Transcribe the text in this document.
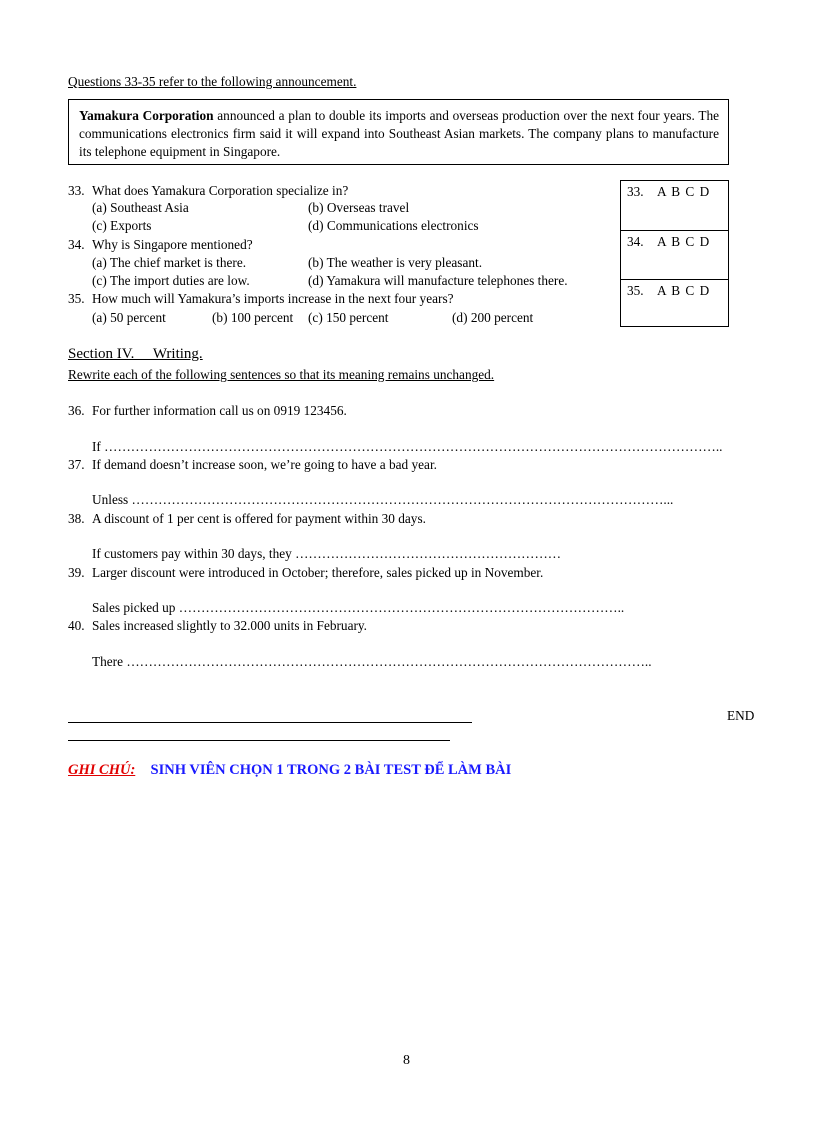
Questions 33-35 refer to the following announcement.
Yamakura Corporation announced a plan to double its imports and overseas production over the next four years. The communications electronics firm said it will expand into Southeast Asian markets. The company plans to manufacture its telephone equipment in Singapore.
33. What does Yamakura Corporation specialize in?
(a) Southeast Asia	(b) Overseas travel
(c) Exports	(d) Communications electronics
34. Why is Singapore mentioned?
(a) The chief market is there.	(b) The weather is very pleasant.
(c) The import duties are low.	(d) Yamakura will manufacture telephones there.
35. How much will Yamakura’s imports increase in the next four years?
(a) 50 percent	(b) 100 percent (c) 150 percent	(d) 200 percent
33. A B C D
34. A B C D
35. A B C D
Section IV.     Writing.
Rewrite each of the following sentences so that its meaning remains unchanged.
36. For further information call us on 0919 123456.
If …………………………………………………………………………………………………………………………..
37. If demand doesn’t increase soon, we’re going to have a bad year.
Unless …………………………………………………………………………………………………………...
38. A discount of 1 per cent is offered for payment within 30 days.
If customers pay within 30 days, they ……………………………………………………
39. Larger discount were introduced in October; therefore, sales picked up in November.
Sales picked up ………………………………………………………………………………………..
40. Sales increased slightly to 32.000 units in February.
There ………………………………………………………………………………………………………..
END
GHI CHÚ: SINH VIÊN CHỌN 1 TRONG 2 BÀI TEST ĐỂ LÀM BÀI
8
